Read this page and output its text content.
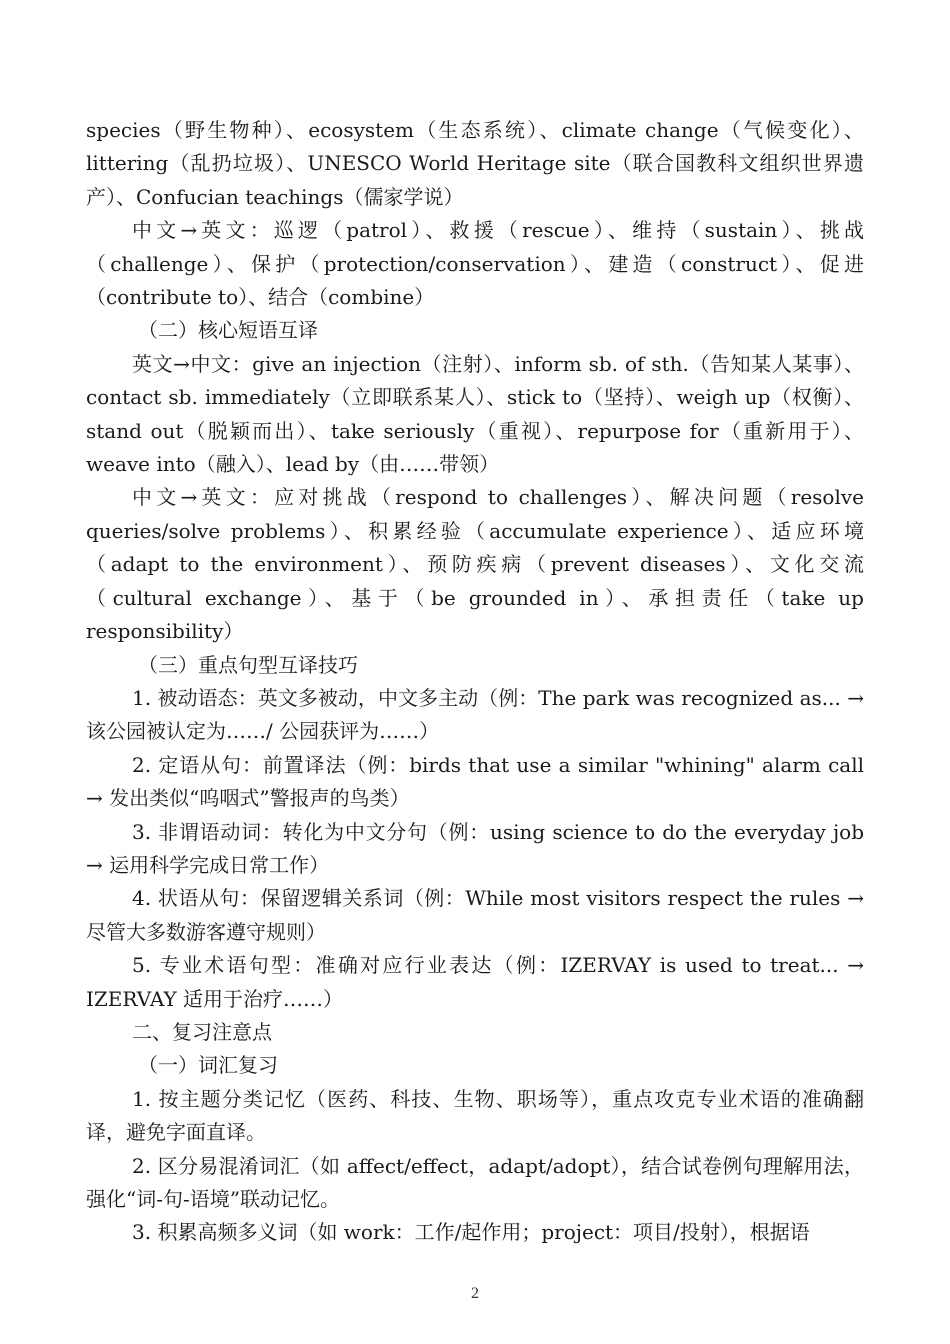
species（野生物种）、ecosystem（生态系统）、climate change（气候变化）、littering（乱扔垃圾）、UNESCO World Heritage site（联合国教科文组织世界遗产）、Confucian teachings（儒家学说）

中文→英文：巡逻（patrol）、救援（rescue）、维持（sustain）、挑战（challenge）、保护（protection/conservation）、建造（construct）、促进（contribute to）、结合（combine）

（二）核心短语互译

英文→中文：give an injection（注射）、inform sb. of sth.（告知某人某事）、contact sb. immediately（立即联系某人）、stick to（坚持）、weigh up（权衡）、stand out（脱颖而出）、take seriously（重视）、repurpose for（重新用于）、weave into（融入）、lead by（由……带领）

中文→英文：应对挑战（respond to challenges）、解决问题（resolve queries/solve problems）、积累经验（accumulate experience）、适应环境（adapt to the environment）、预防疾病（prevent diseases）、文化交流（cultural exchange）、基于（be grounded in）、承担责任（take up responsibility）

（三）重点句型互译技巧

1. 被动语态：英文多被动，中文多主动（例：The park was recognized as... → 该公园被认定为……/ 公园获评为……）

2. 定语从句：前置译法（例：birds that use a similar "whining" alarm call → 发出类似“呜咽式”警报声的鸟类）

3. 非谓语动词：转化为中文分句（例：using science to do the everyday job → 运用科学完成日常工作）

4. 状语从句：保留逻辑关系词（例：While most visitors respect the rules → 尽管大多数游客遵守规则）

5. 专业术语句型：准确对应行业表达（例：IZERVAY is used to treat... → IZERVAY 适用于治疗……）

二、复习注意点

（一）词汇复习

1. 按主题分类记忆（医药、科技、生物、职场等），重点攻克专业术语的准确翻译，避免字面直译。

2. 区分易混淆词汇（如 affect/effect，adapt/adopt），结合试卷例句理解用法，强化“词-句-语境”联动记忆。

3. 积累高频多义词（如 work：工作/起作用；project：项目/投射），根据语

2
